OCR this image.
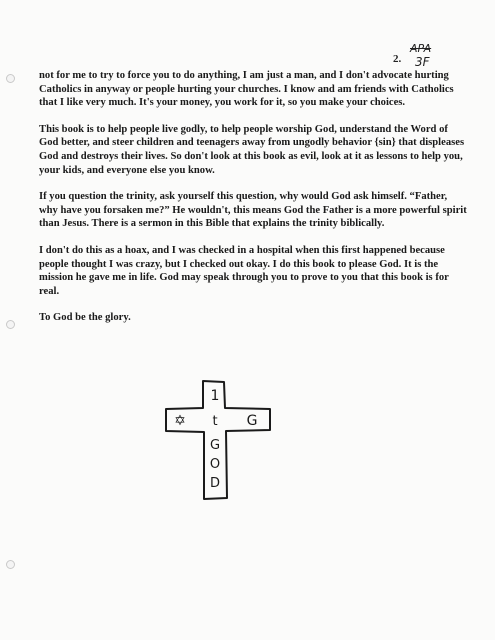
2.
APA
3F

not for me to try to force you to do anything, I am just a man, and I don't advocate hurting Catholics in anyway or people hurting your churches. I know and am friends with Catholics that I like very much. It's your money, you work for it, so you make your choices.

This book is to help people live godly, to help people worship God, understand the Word of God better, and steer children and teenagers away from ungodly behavior {sin} that displeases God and destroys their lives. So don't look at this book as evil, look at it as lessons to help you, your kids, and everyone else you know.

If you question the trinity, ask yourself this question, why would God ask himself. “Father, why have you forsaken me?” He wouldn't, this means God the Father is a more powerful spirit than Jesus. There is a sermon in this Bible that explains the trinity biblically.

I don't do this as a hoax, and I was checked in a hospital when this first happened because people thought I was crazy, but I checked out okay. I do this book to please God. It is the mission he gave me in life. God may speak through you to prove to you that this book is for real.

To God be the glory.

1
✡ t G
G
O
D
